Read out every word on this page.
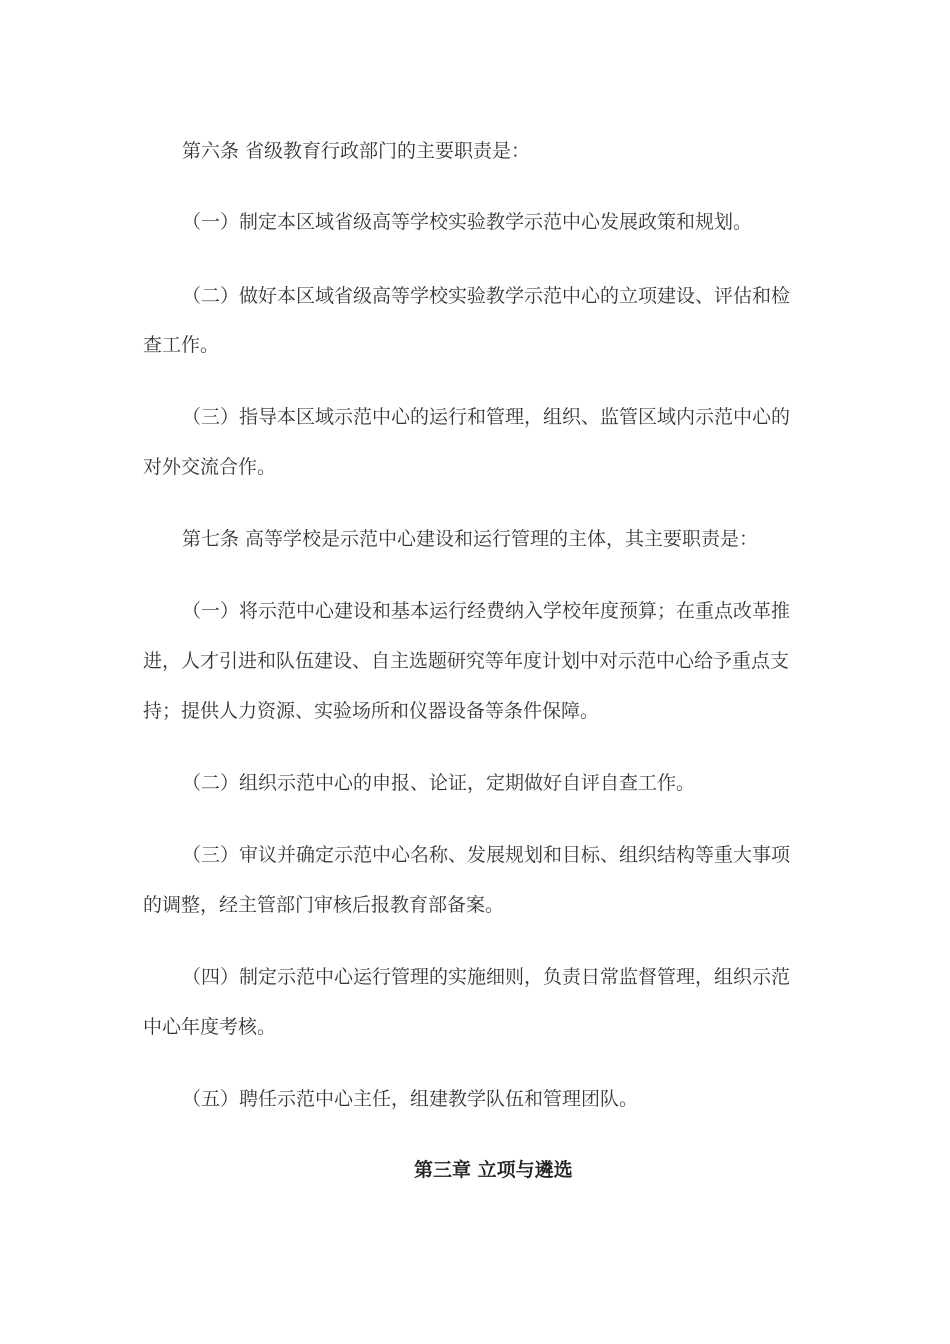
第六条 省级教育行政部门的主要职责是：
（一）制定本区域省级高等学校实验教学示范中心发展政策和规划。
（二）做好本区域省级高等学校实验教学示范中心的立项建设、评估和检
查工作。
（三）指导本区域示范中心的运行和管理，组织、监管区域内示范中心的
对外交流合作。
第七条 高等学校是示范中心建设和运行管理的主体，其主要职责是：
（一）将示范中心建设和基本运行经费纳入学校年度预算；在重点改革推
进，人才引进和队伍建设、自主选题研究等年度计划中对示范中心给予重点支
持；提供人力资源、实验场所和仪器设备等条件保障。
（二）组织示范中心的申报、论证，定期做好自评自查工作。
（三）审议并确定示范中心名称、发展规划和目标、组织结构等重大事项
的调整，经主管部门审核后报教育部备案。
（四）制定示范中心运行管理的实施细则，负责日常监督管理，组织示范
中心年度考核。
（五）聘任示范中心主任，组建教学队伍和管理团队。
第三章 立项与遴选
